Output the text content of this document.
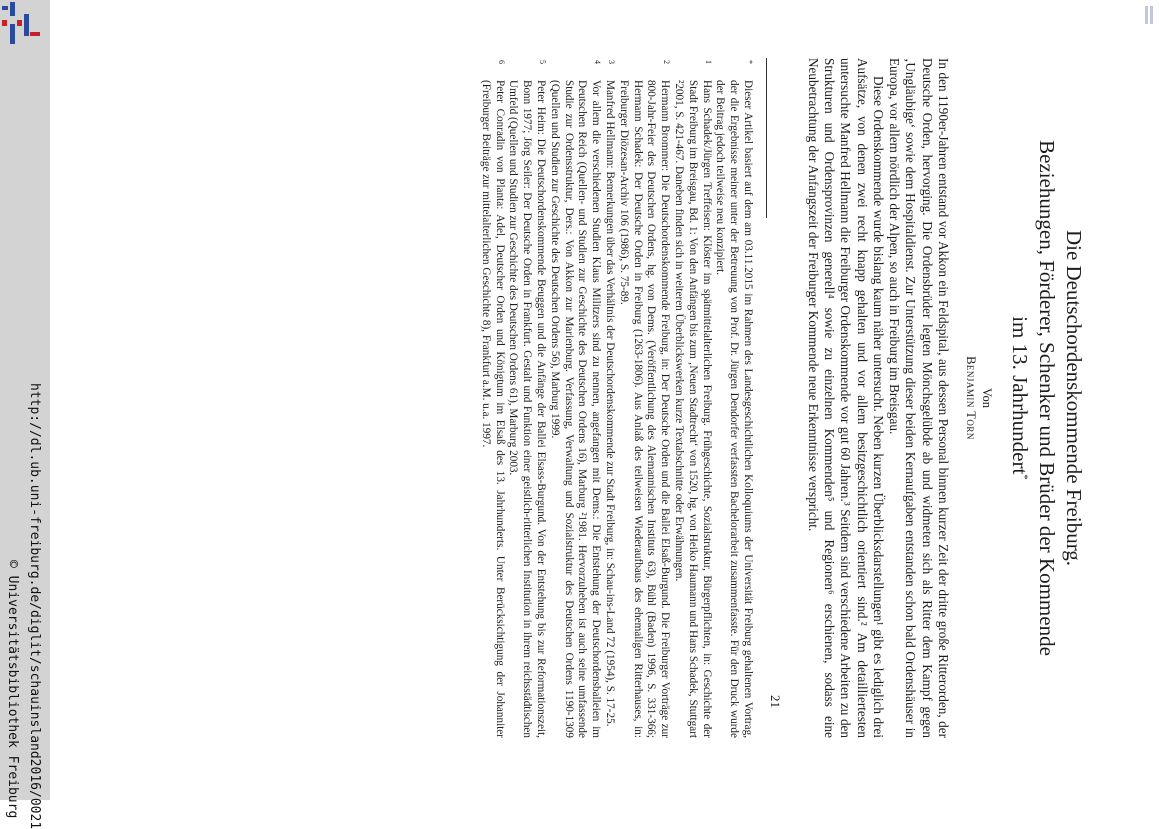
http://dl.ub.uni-freiburg.de/diglit/schauinsland2016/0021
© Universitätsbibliothek Freiburg
Die Deutschordenskommende Freiburg.
Beziehungen, Förderer, Schenker und Brüder der Kommende
im 13. Jahrhundert*
Von
Benjamin Torn

In den 1190er-Jahren entstand vor Akkon ein Feldspital, aus dessen Personal binnen kurzer Zeit der dritte große Ritterorden, der Deutsche Orden, hervorging. Die Ordensbrüder legten Mönchsgelübde ab und widmeten sich als Ritter dem Kampf gegen ‚Ungläubige‘ sowie dem Hospitaldienst. Zur Unterstützung dieser beiden Kernaufgaben entstanden schon bald Ordenshäuser in Europa, vor allem nördlich der Alpen, so auch in Freiburg im Breisgau.

Diese Ordenskommende wurde bislang kaum näher untersucht. Neben kurzen Überblicksdarstellungen¹ gibt es lediglich drei Aufsätze, von denen zwei recht knapp gehalten und vor allem besitzgeschichtlich orientiert sind.² Am detailliertesten untersuchte Manfred Hellmann die Freiburger Ordenskommende vor gut 60 Jahren.³ Seitdem sind verschiedene Arbeiten zu den Strukturen und Ordensprovinzen generell⁴ sowie zu einzelnen Kommenden⁵ und Regionen⁶ erschienen, sodass eine Neubetrachtung der Anfangszeit der Freiburger Kommende neue Erkenntnisse verspricht.

*
Dieser Artikel basiert auf dem am 03.11.2015 im Rahmen des Landesgeschichtlichen Kolloquiums der Universität Freiburg gehaltenen Vortrag, der die Ergebnisse meiner unter der Betreuung von Prof. Dr. Jürgen Dendorfer verfassten Bachelorarbeit zusammenfasste. Für den Druck wurde der Beitrag jedoch teilweise neu konzipiert.

1
Hans Schadek/Jürgen Treffeisen: Klöster im spätmittelalterlichen Freiburg. Frühgeschichte, Sozialstruktur, Bürgerpflichten, in: Geschichte der Stadt Freiburg im Breisgau, Bd. 1: Von den Anfängen bis zum ‚Neuen Stadtrecht‘ von 1520, hg. von Heiko Haumann und Hans Schadek, Stuttgart ²2001, S. 421-467. Daneben finden sich in weiteren Überblickswerken kurze Textabschnitte oder Erwähnungen.

2
Hermann Brommer: Die Deutschordenskommende Freiburg, in: Der Deutsche Orden und die Ballei Elsaß-Burgund. Die Freiburger Vorträge zur 800-Jahr-Feier des Deutschen Ordens, hg. von Dems. (Veröffentlichung des Alemannischen Instituts 63), Bühl (Baden) 1996, S. 331-366; Hermann Schadek: Der Deutsche Orden in Freiburg (1263-1806). Aus Anlaß des teilweisen Wiederaufbaus des ehemaligen Ritterhauses, in: Freiburger Diözesan-Archiv 106 (1986), S. 75-89.

3
Manfred Hellmann: Bemerkungen über das Verhältnis der Deutschordenskommende zur Stadt Freiburg, in: Schau-ins-Land 72 (1954), S. 17-25.

4
Vor allem die verschiedenen Studien Klaus Militzers sind zu nennen, angefangen mit Dems.: Die Entstehung der Deutschordensballeien im Deutschen Reich (Quellen- und Studien zur Geschichte des Deutschen Ordens 16), Marburg ²1981. Hervorzuheben ist auch seine umfassende Studie zur Ordensstruktur, Ders.: Von Akkon zur Marienburg. Verfassung, Verwaltung und Sozialstruktur des Deutschen Ordens 1190-1309 (Quellen und Studien zur Geschichte des Deutschen Ordens 56), Marburg 1999.

5
Peter Heim: Die Deutschordenskommende Beuggen und die Anfänge der Ballei Elsass-Burgund. Von der Entstehung bis zur Reformationszeit, Bonn 1977; Jörg Seiler: Der Deutsche Orden in Frankfurt. Gestalt und Funktion einer geistlich-ritterlichen Institution in ihrem reichsstädtischen Umfeld (Quellen und Studien zur Geschichte des Deutschen Ordens 61), Marburg 2003.

6
Peter Conradin von Planta: Adel, Deutscher Orden und Königtum im Elsaß des 13. Jahrhunderts. Unter Berücksichtigung der Johanniter (Freiburger Beiträge zur mittelalterlichen Geschichte 8), Frankfurt a.M. u.a. 1997.

21
